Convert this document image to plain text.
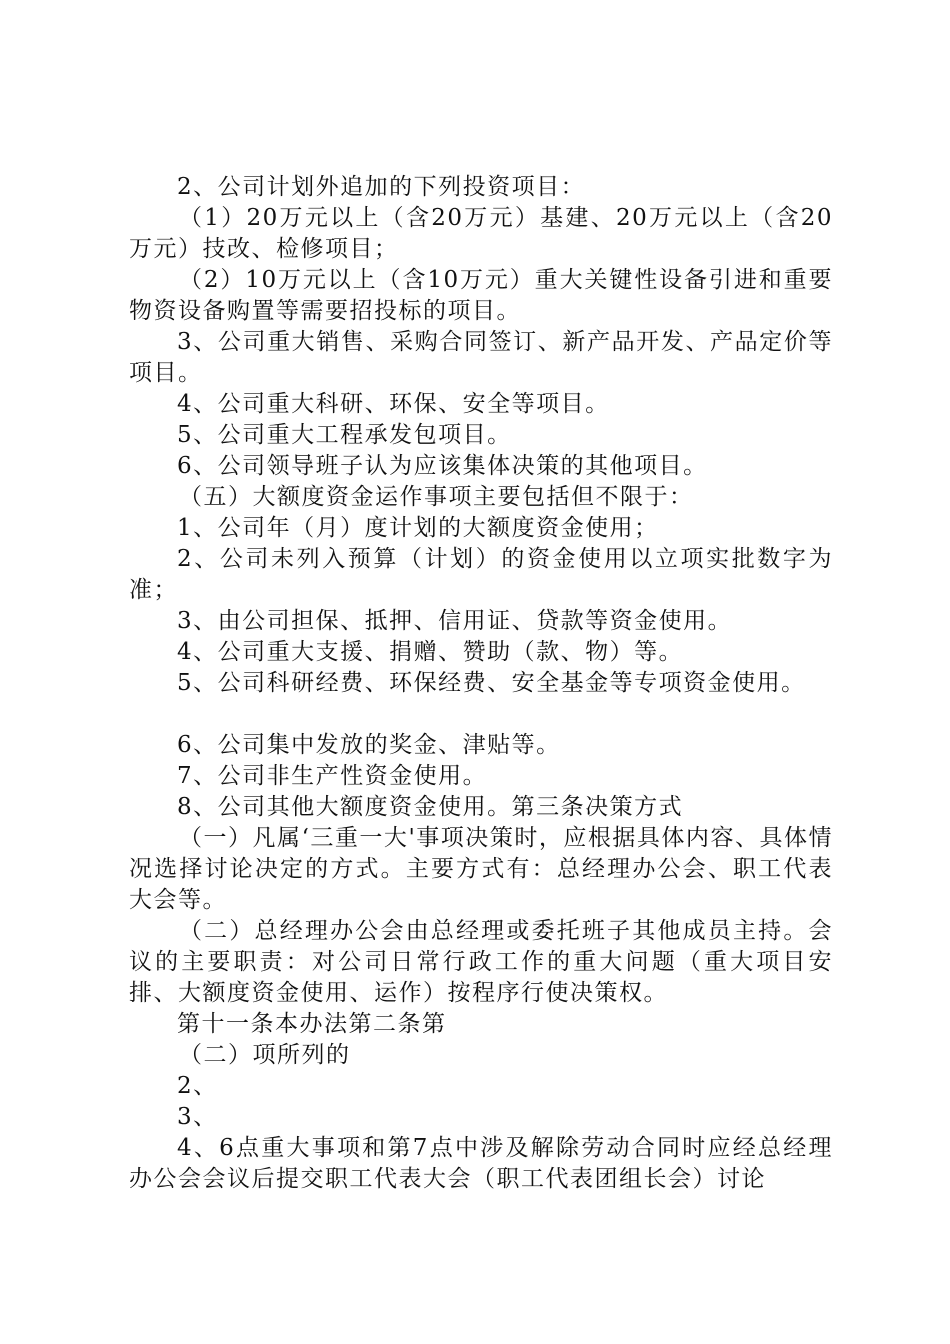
2、公司计划外追加的下列投资项目：

（1）20万元以上（含20万元）基建、20万元以上（含20万元）技改、检修项目；

（2）10万元以上（含10万元）重大关键性设备引进和重要物资设备购置等需要招投标的项目。

3、公司重大销售、采购合同签订、新产品开发、产品定价等项目。

4、公司重大科研、环保、安全等项目。

5、公司重大工程承发包项目。

6、公司领导班子认为应该集体决策的其他项目。

（五）大额度资金运作事项主要包括但不限于：

1、公司年（月）度计划的大额度资金使用；

2、公司未列入预算（计划）的资金使用以立项实批数字为准；

3、由公司担保、抵押、信用证、贷款等资金使用。

4、公司重大支援、捐赠、赞助（款、物）等。

5、公司科研经费、环保经费、安全基金等专项资金使用。

6、公司集中发放的奖金、津贴等。

7、公司非生产性资金使用。

8、公司其他大额度资金使用。第三条决策方式

（一）凡属‘三重一大'事项决策时，应根据具体内容、具体情况选择讨论决定的方式。主要方式有：总经理办公会、职工代表大会等。

（二）总经理办公会由总经理或委托班子其他成员主持。会议的主要职责：对公司日常行政工作的重大问题（重大项目安排、大额度资金使用、运作）按程序行使决策权。

第十一条本办法第二条第

（二）项所列的

2、

3、

4、6点重大事项和第7点中涉及解除劳动合同时应经总经理办公会会议后提交职工代表大会（职工代表团组长会）讨论
